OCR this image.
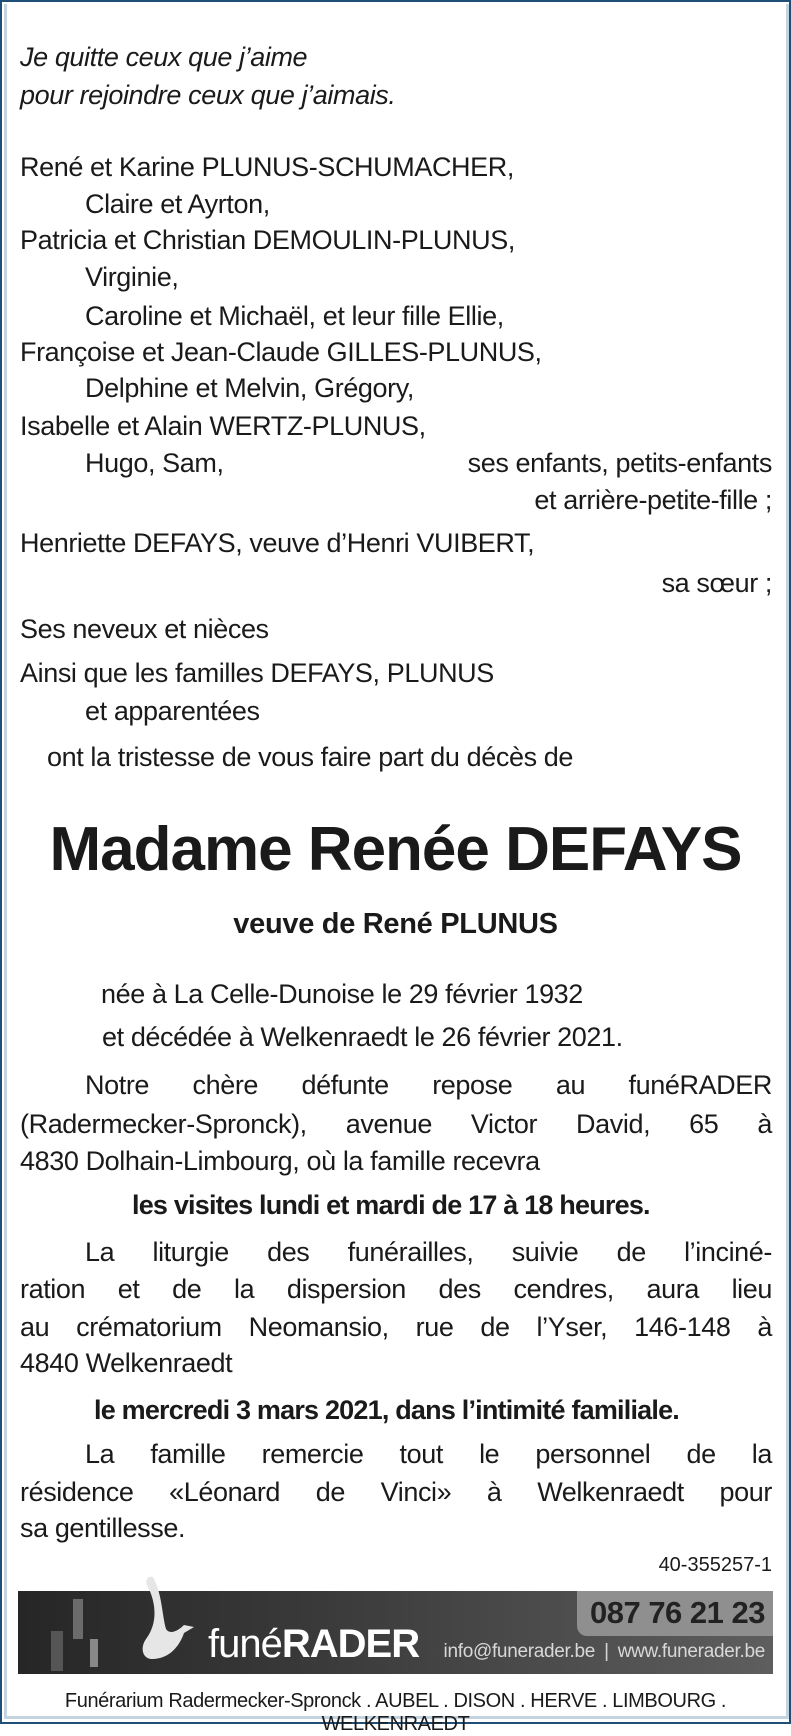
Je quitte ceux que j’aime
pour rejoindre ceux que j’aimais.
René et Karine PLUNUS-SCHUMACHER,
Claire et Ayrton,
Patricia et Christian DEMOULIN-PLUNUS,
Virginie,
Caroline et Michaël, et leur fille Ellie,
Françoise et Jean-Claude GILLES-PLUNUS,
Delphine et Melvin, Grégory,
Isabelle et Alain WERTZ-PLUNUS,
Hugo, Sam,	ses enfants, petits-enfants
et arrière-petite-fille ;
Henriette DEFAYS, veuve d’Henri VUIBERT,
sa sœur ;
Ses neveux et nièces
Ainsi que les familles DEFAYS, PLUNUS
et apparentées
ont la tristesse de vous faire part du décès de
Madame Renée DEFAYS
veuve de René PLUNUS
née à La Celle-Dunoise le 29 février 1932
et décédée à Welkenraedt le 26 février 2021.
Notre chère défunte repose au funéRADER
(Radermecker-Spronck), avenue Victor David, 65 à
4830 Dolhain-Limbourg, où la famille recevra
les visites lundi et mardi de 17 à 18 heures.
La liturgie des funérailles, suivie de l’inciné-
ration et de la dispersion des cendres, aura lieu
au crématorium Neomansio, rue de l’Yser, 146-148 à
4840 Welkenraedt
le mercredi 3 mars 2021, dans l’intimité familiale.
La famille remercie tout le personnel de la
résidence «Léonard de Vinci» à Welkenraedt pour
sa gentillesse.
40-355257-1
funéRADER
087 76 21 23
info@funerader.be | www.funerader.be
Funérarium Radermecker-Spronck . AUBEL . DISON . HERVE . LIMBOURG . WELKENRAEDT
